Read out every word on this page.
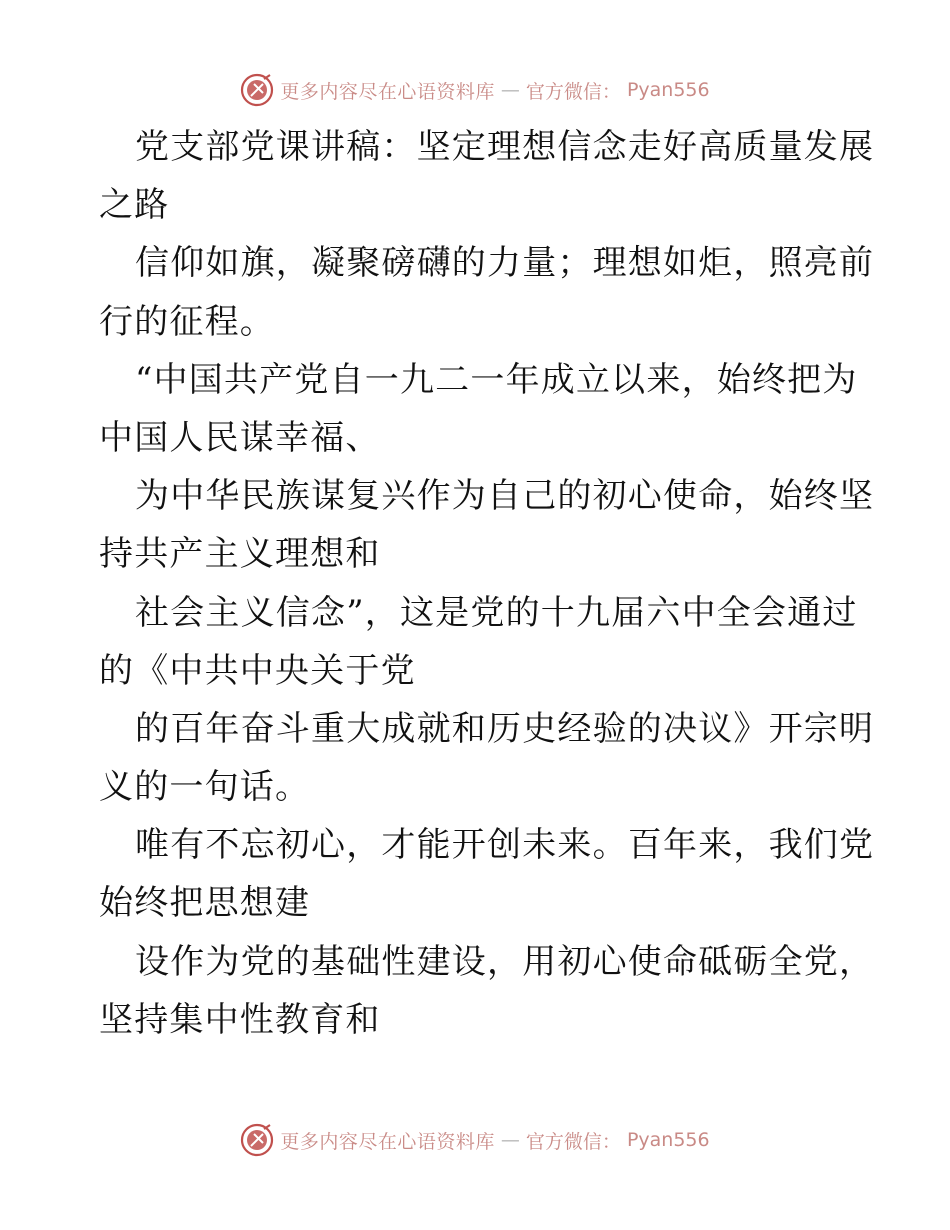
更多内容尽在心语资料库 — 官方微信： Pyan556
党支部党课讲稿：坚定理想信念走好高质量发展
之路
信仰如旗，凝聚磅礴的力量；理想如炬，照亮前
行的征程。
“中国共产党自一九二一年成立以来，始终把为
中国人民谋幸福、
为中华民族谋复兴作为自己的初心使命，始终坚
持共产主义理想和
社会主义信念”，这是党的十九届六中全会通过
的《中共中央关于党
的百年奋斗重大成就和历史经验的决议》开宗明
义的一句话。
唯有不忘初心，才能开创未来。百年来，我们党
始终把思想建
设作为党的基础性建设，用初心使命砥砺全党，
坚持集中性教育和
更多内容尽在心语资料库 — 官方微信： Pyan556
